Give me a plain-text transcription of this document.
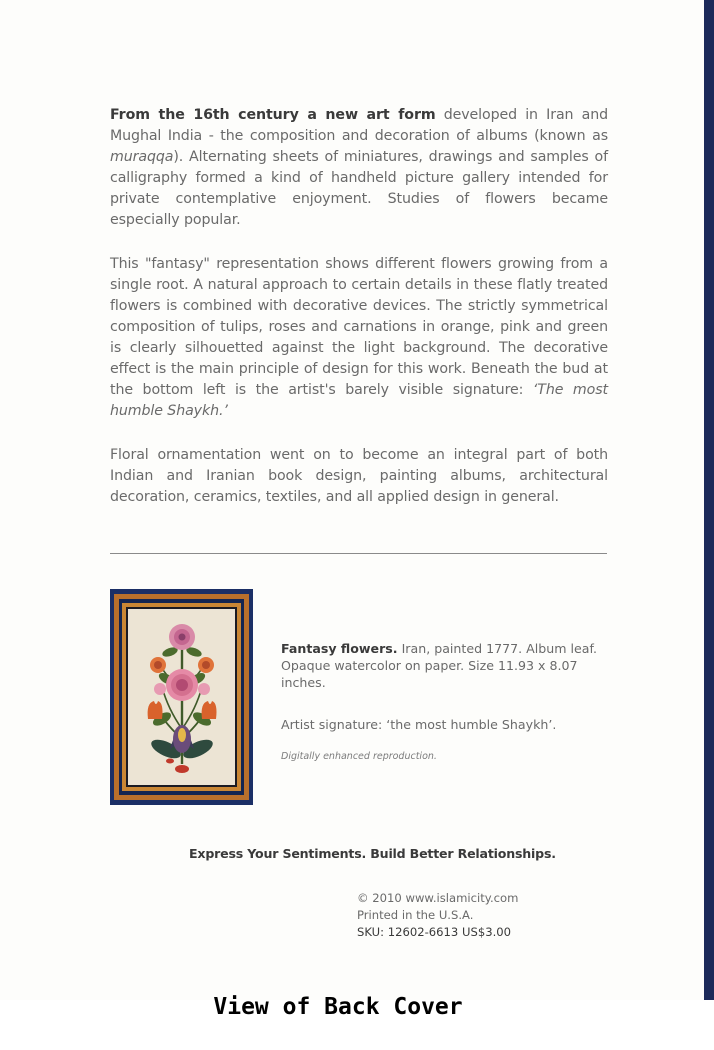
From the 16th century a new art form developed in Iran and Mughal India - the composition and decoration of albums (known as muraqqa). Alternating sheets of miniatures, drawings and samples of calligraphy formed a kind of handheld picture gallery intended for private contemplative enjoyment. Studies of flowers became especially popular.

This "fantasy" representation shows different flowers growing from a single root. A natural approach to certain details in these flatly treated flowers is combined with decorative devices. The strictly symmetrical composition of tulips, roses and carnations in orange, pink and green is clearly silhouetted against the light background. The decorative effect is the main principle of design for this work. Beneath the bud at the bottom left is the artist's barely visible signature: ‘The most humble Shaykh.’

Floral ornamentation went on to become an integral part of both Indian and Iranian book design, painting albums, architectural decoration, ceramics, textiles, and all applied design in general.

Fantasy flowers. Iran, painted 1777. Album leaf. Opaque watercolor on paper. Size 11.93 x 8.07 inches.
Artist signature: ‘the most humble Shaykh’.
Digitally enhanced reproduction.
Express Your Sentiments. Build Better Relationships.
© 2010 www.islamicity.com
Printed in the U.S.A.
SKU: 12602-6613 US$3.00
View of Back Cover
